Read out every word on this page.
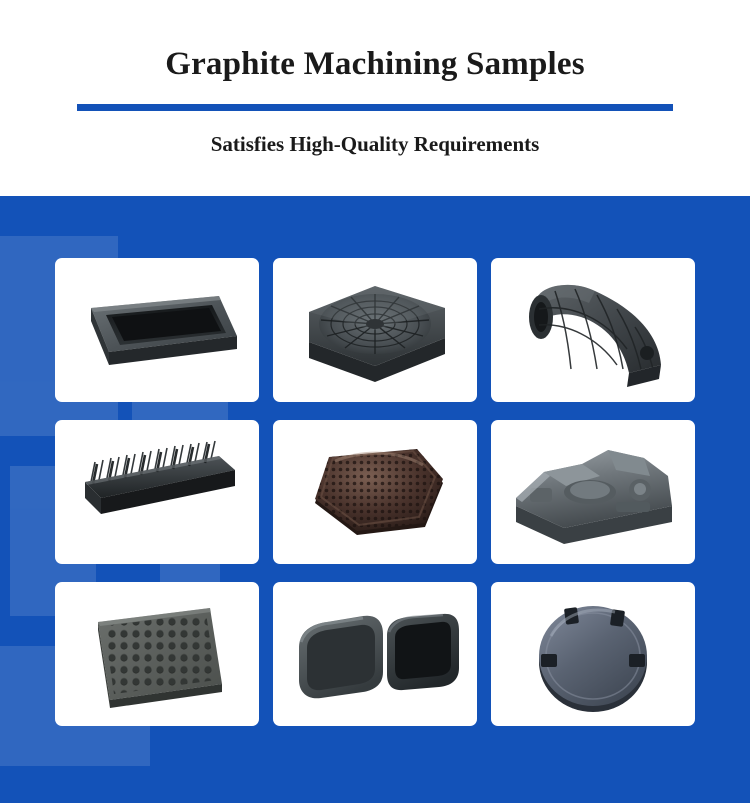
Graphite Machining Samples
Satisfies High-Quality Requirements
